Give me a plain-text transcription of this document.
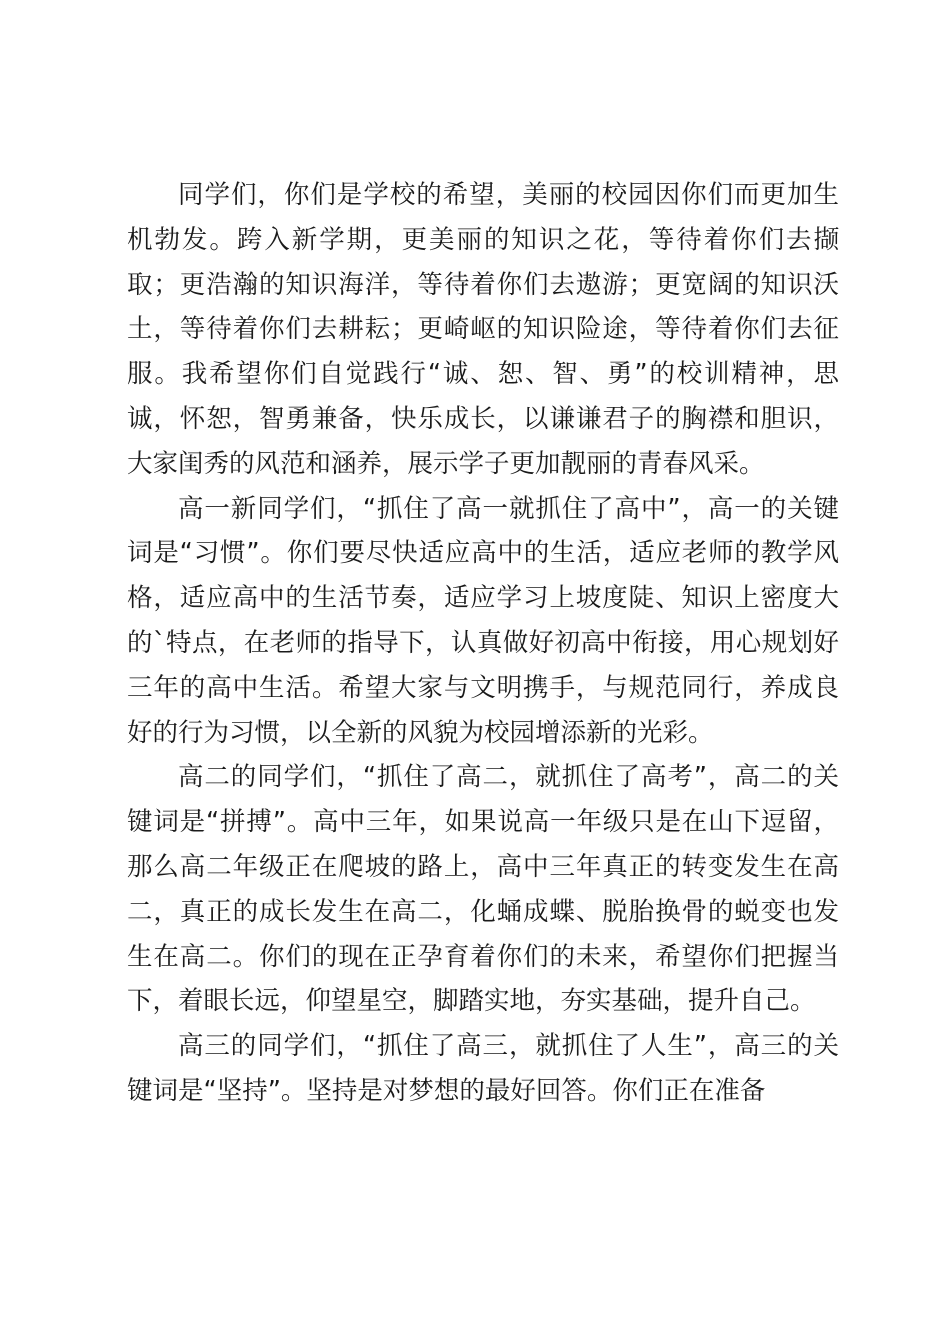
同学们，你们是学校的希望，美丽的校园因你们而更加生机勃发。跨入新学期，更美丽的知识之花，等待着你们去撷取；更浩瀚的知识海洋，等待着你们去遨游；更宽阔的知识沃土，等待着你们去耕耘；更崎岖的知识险途，等待着你们去征服。我希望你们自觉践行“诚、恕、智、勇”的校训精神，思诚，怀恕，智勇兼备，快乐成长，以谦谦君子的胸襟和胆识，大家闺秀的风范和涵养，展示学子更加靓丽的青春风采。

高一新同学们，“抓住了高一就抓住了高中”，高一的关键词是“习惯”。你们要尽快适应高中的生活，适应老师的教学风格，适应高中的生活节奏，适应学习上坡度陡、知识上密度大的`特点，在老师的指导下，认真做好初高中衔接，用心规划好三年的高中生活。希望大家与文明携手，与规范同行，养成良好的行为习惯，以全新的风貌为校园增添新的光彩。

高二的同学们，“抓住了高二，就抓住了高考”，高二的关键词是“拼搏”。高中三年，如果说高一年级只是在山下逗留，那么高二年级正在爬坡的路上，高中三年真正的转变发生在高二，真正的成长发生在高二，化蛹成蝶、脱胎换骨的蜕变也发生在高二。你们的现在正孕育着你们的未来，希望你们把握当下，着眼长远，仰望星空，脚踏实地，夯实基础，提升自己。

高三的同学们，“抓住了高三，就抓住了人生”，高三的关键词是“坚持”。坚持是对梦想的最好回答。你们正在准备
